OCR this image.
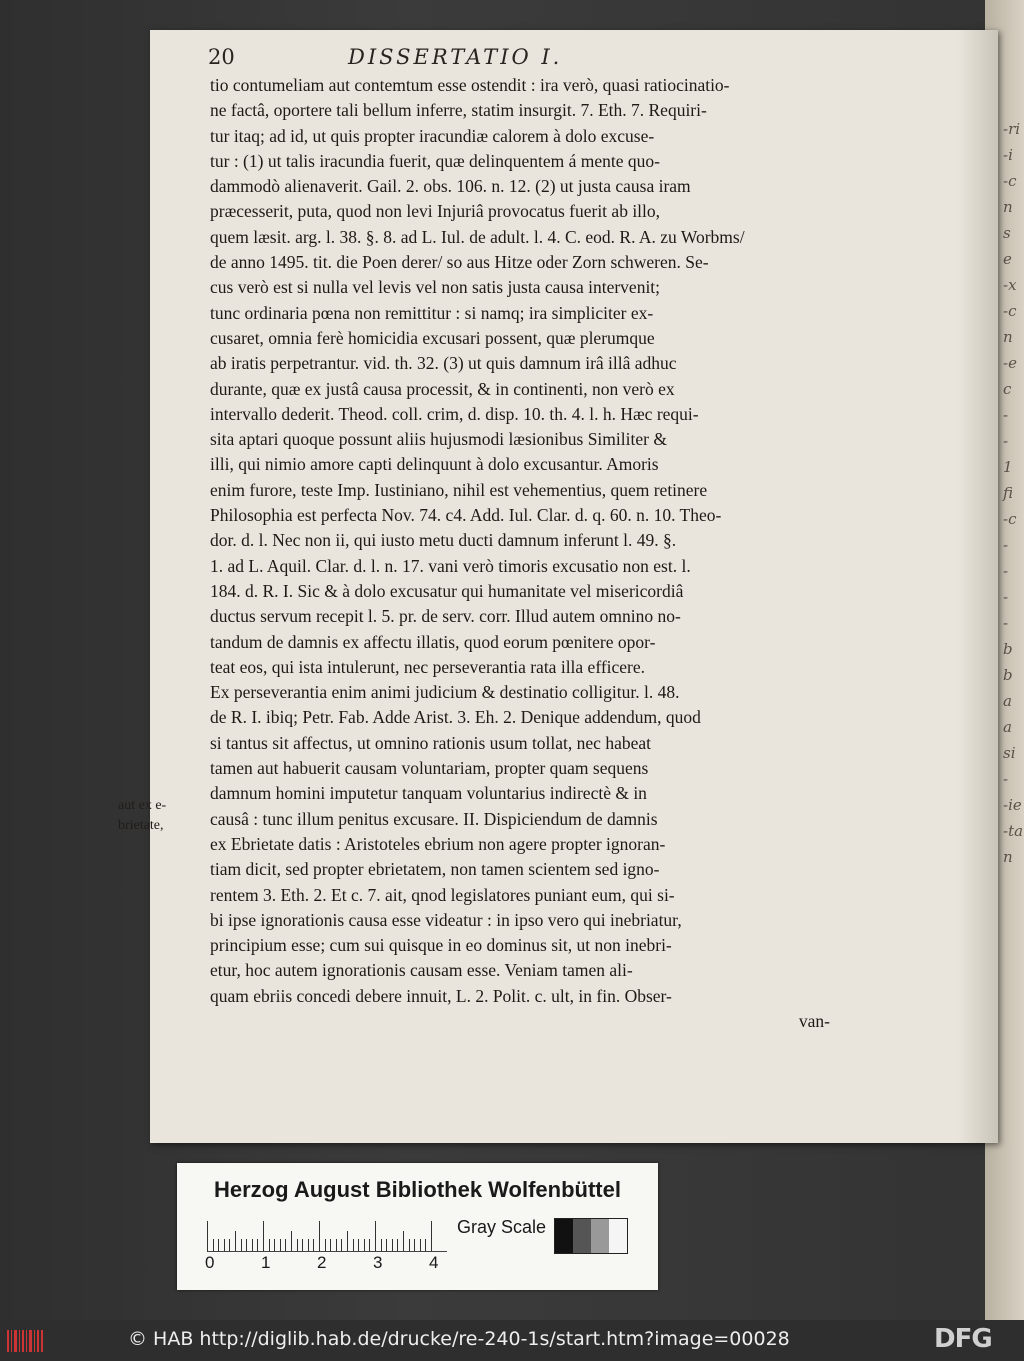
-ri
-i
-c
n
s
e
-x
-c
n
-e
c
-
-
1
fi
-c
-
-
-
-
b
b
a
a
si
-
-ie
-ta
n
20	DISSERTATIO I.
tio contumeliam aut contemtum esse ostendit : ira verò, quasi ratiocinatio-
ne factâ, oportere tali bellum inferre, statim insurgit. 7. Eth. 7. Requiri-
tur itaq; ad id, ut quis propter iracundiæ calorem à dolo excuse-
tur : (1) ut talis iracundia fuerit, quæ delinquentem á mente quo-
dammodò alienaverit. Gail. 2. obs. 106. n. 12. (2) ut justa causa iram
præcesserit, puta, quod non levi Injuriâ provocatus fuerit ab illo,
quem læsit. arg. l. 38. §. 8. ad L. Iul. de adult. l. 4. C. eod. R. A. zu Worbms/
de anno 1495. tit. die Poen derer/ so aus Hitze oder Zorn schweren. Se-
cus verò est si nulla vel levis vel non satis justa causa intervenit;
tunc ordinaria pœna non remittitur : si namq; ira simpliciter ex-
cusaret, omnia ferè homicidia excusari possent, quæ plerumque
ab iratis perpetrantur. vid. th. 32. (3) ut quis damnum irâ illâ adhuc
durante, quæ ex justâ causa processit, & in continenti, non verò ex
intervallo dederit. Theod. coll. crim, d. disp. 10. th. 4. l. h. Hæc requi-
sita aptari quoque possunt aliis hujusmodi læsionibus Similiter &
illi, qui nimio amore capti delinquunt à dolo excusantur. Amoris
enim furore, teste Imp. Iustiniano, nihil est vehementius, quem retinere
Philosophia est perfecta Nov. 74. c4. Add. Iul. Clar. d. q. 60. n. 10. Theo-
dor. d. l. Nec non ii, qui iusto metu ducti damnum inferunt l. 49. §.
1. ad L. Aquil. Clar. d. l. n. 17. vani verò timoris excusatio non est. l.
184. d. R. I. Sic & à dolo excusatur qui humanitate vel misericordiâ
ductus servum recepit l. 5. pr. de serv. corr. Illud autem omnino no-
tandum de damnis ex affectu illatis, quod eorum pœnitere opor-
teat eos, qui ista intulerunt, nec perseverantia rata illa efficere.
Ex perseverantia enim animi judicium & destinatio colligitur. l. 48.
de R. I. ibiq; Petr. Fab. Adde Arist. 3. Eh. 2. Denique addendum, quod
si tantus sit affectus, ut omnino rationis usum tollat, nec habeat
tamen aut habuerit causam voluntariam, propter quam sequens
damnum homini imputetur tanquam voluntarius indirectè & in
causâ : tunc illum penitus excusare. II. Dispiciendum de damnis
ex Ebrietate datis : Aristoteles ebrium non agere propter ignoran-
tiam dicit, sed propter ebrietatem, non tamen scientem sed igno-
rentem 3. Eth. 2. Et c. 7. ait, qnod legislatores puniant eum, qui si-
bi ipse ignorationis causa esse videatur : in ipso vero qui inebriatur,
principium esse; cum sui quisque in eo dominus sit, ut non inebri-
etur, hoc autem ignorationis causam esse. Veniam tamen ali-
quam ebriis concedi debere innuit, L. 2. Polit. c. ult, in fin. Obser-
van-
aut ex e-
brietate,
Herzog August Bibliothek Wolfenbüttel
0	1	2	3	4
Gray Scale
© HAB http://diglib.hab.de/drucke/re-240-1s/start.htm?image=00028	DFG
